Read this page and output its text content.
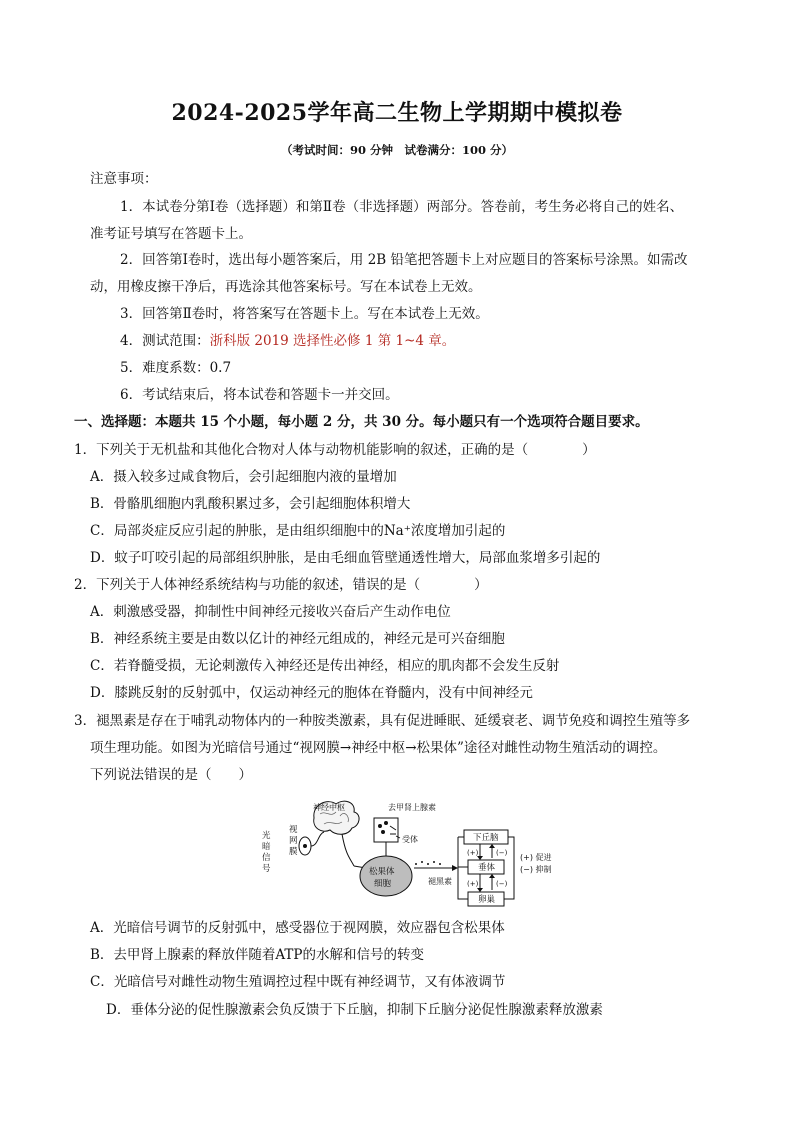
2024-2025学年高二生物上学期期中模拟卷
（考试时间：90 分钟　试卷满分：100 分）
注意事项：
1．本试卷分第Ⅰ卷（选择题）和第Ⅱ卷（非选择题）两部分。答卷前，考生务必将自己的姓名、
准考证号填写在答题卡上。
2．回答第Ⅰ卷时，选出每小题答案后，用 2B 铅笔把答题卡上对应题目的答案标号涂黑。如需改
动，用橡皮擦干净后，再选涂其他答案标号。写在本试卷上无效。
3．回答第Ⅱ卷时，将答案写在答题卡上。写在本试卷上无效。
4．测试范围：浙科版 2019 选择性必修 1 第 1~4 章。
5．难度系数：0.7
6．考试结束后，将本试卷和答题卡一并交回。
一、选择题：本题共 15 个小题，每小题 2 分，共 30 分。每小题只有一个选项符合题目要求。
1．下列关于无机盐和其他化合物对人体与动物机能影响的叙述，正确的是（　　　　）
A．摄入较多过咸食物后，会引起细胞内液的量增加
B．骨骼肌细胞内乳酸积累过多，会引起细胞体积增大
C．局部炎症反应引起的肿胀，是由组织细胞中的Na⁺浓度增加引起的
D．蚊子叮咬引起的局部组织肿胀，是由毛细血管壁通透性增大，局部血浆增多引起的
2．下列关于人体神经系统结构与功能的叙述，错误的是（　　　　）
A．刺激感受器，抑制性中间神经元接收兴奋后产生动作电位
B．神经系统主要是由数以亿计的神经元组成的，神经元是可兴奋细胞
C．若脊髓受损，无论刺激传入神经还是传出神经，相应的肌肉都不会发生反射
D．膝跳反射的反射弧中，仅运动神经元的胞体在脊髓内，没有中间神经元
3．褪黑素是存在于哺乳动物体内的一种胺类激素，具有促进睡眠、延缓衰老、调节免疫和调控生殖等多
项生理功能。如图为光暗信号通过“视网膜→神经中枢→松果体”途径对雌性动物生殖活动的调控。
下列说法错误的是（　　）
光
暗
信
号
视
网
膜
神经中枢	去甲肾上腺素
受体
松果体
细胞	褪黑素
下丘脑
垂体
卵巢
(+)	(−)
(+)	(−)
(+) 促进
(−) 抑制
A．光暗信号调节的反射弧中，感受器位于视网膜，效应器包含松果体
B．去甲肾上腺素的释放伴随着ATP的水解和信号的转变
C．光暗信号对雌性动物生殖调控过程中既有神经调节，又有体液调节
D．垂体分泌的促性腺激素会负反馈于下丘脑，抑制下丘脑分泌促性腺激素释放激素
